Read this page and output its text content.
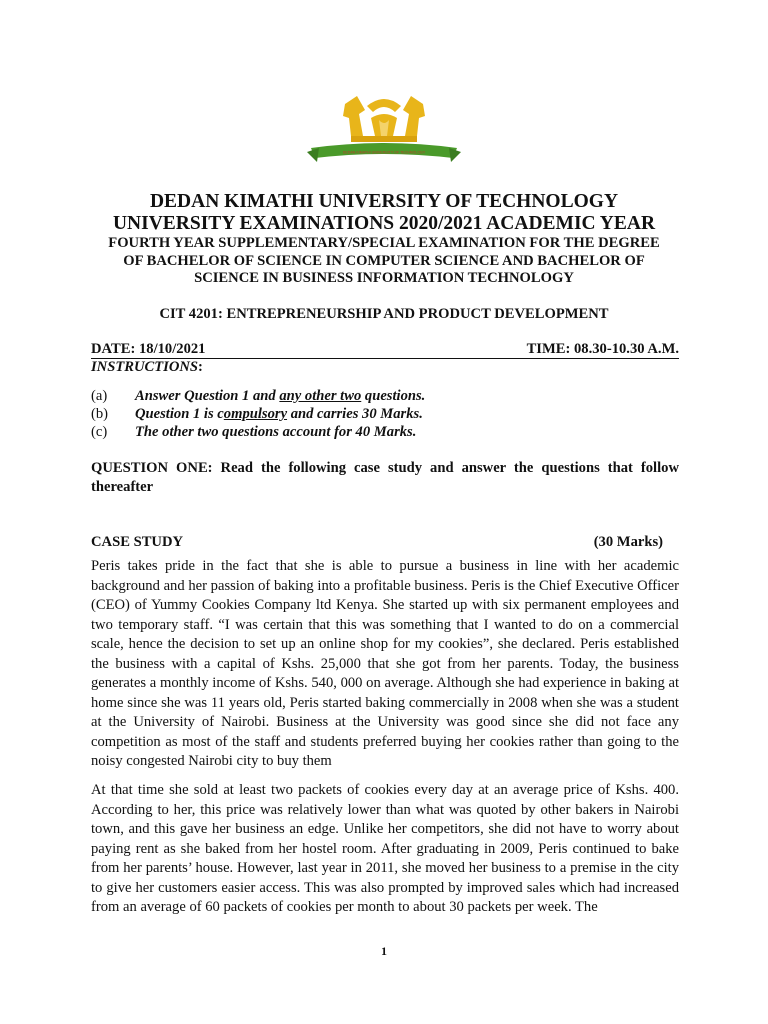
DEDAN KIMATHI UNIVERSITY OF TECHNOLOGY
DEDAN KIMATHI UNIVERSITY OF TECHNOLOGY
UNIVERSITY EXAMINATIONS 2020/2021 ACADEMIC YEAR
FOURTH YEAR SUPPLEMENTARY/SPECIAL EXAMINATION FOR THE DEGREE
OF BACHELOR OF SCIENCE IN COMPUTER SCIENCE AND BACHELOR OF
SCIENCE IN BUSINESS INFORMATION TECHNOLOGY
CIT 4201: ENTREPRENEURSHIP AND PRODUCT DEVELOPMENT
DATE: 18/10/2021	TIME: 08.30-10.30 A.M.
INSTRUCTIONS:
(a) Answer Question 1 and any other two questions.
(b) Question 1 is compulsory and carries 30 Marks.
(c) The other two questions account for 40 Marks.
QUESTION ONE: Read the following case study and answer the questions that follow thereafter
CASE STUDY	(30 Marks)
Peris takes pride in the fact that she is able to pursue a business in line with her academic background and her passion of baking into a profitable business. Peris is the Chief Executive Officer (CEO) of Yummy Cookies Company ltd Kenya. She started up with six permanent employees and two temporary staff. “I was certain that this was something that I wanted to do on a commercial scale, hence the decision to set up an online shop for my cookies”, she declared. Peris established the business with a capital of Kshs. 25,000 that she got from her parents. Today, the business generates a monthly income of Kshs. 540, 000 on average. Although she had experience in baking at home since she was 11 years old, Peris started baking commercially in 2008 when she was a student at the University of Nairobi. Business at the University was good since she did not face any competition as most of the staff and students preferred buying her cookies rather than going to the noisy congested Nairobi city to buy them
At that time she sold at least two packets of cookies every day at an average price of Kshs. 400. According to her, this price was relatively lower than what was quoted by other bakers in Nairobi town, and this gave her business an edge. Unlike her competitors, she did not have to worry about paying rent as she baked from her hostel room. After graduating in 2009, Peris continued to bake from her parents’ house. However, last year in 2011, she moved her business to a premise in the city to give her customers easier access. This was also prompted by improved sales which had increased from an average of 60 packets of cookies per month to about 30 packets per week. The
1
